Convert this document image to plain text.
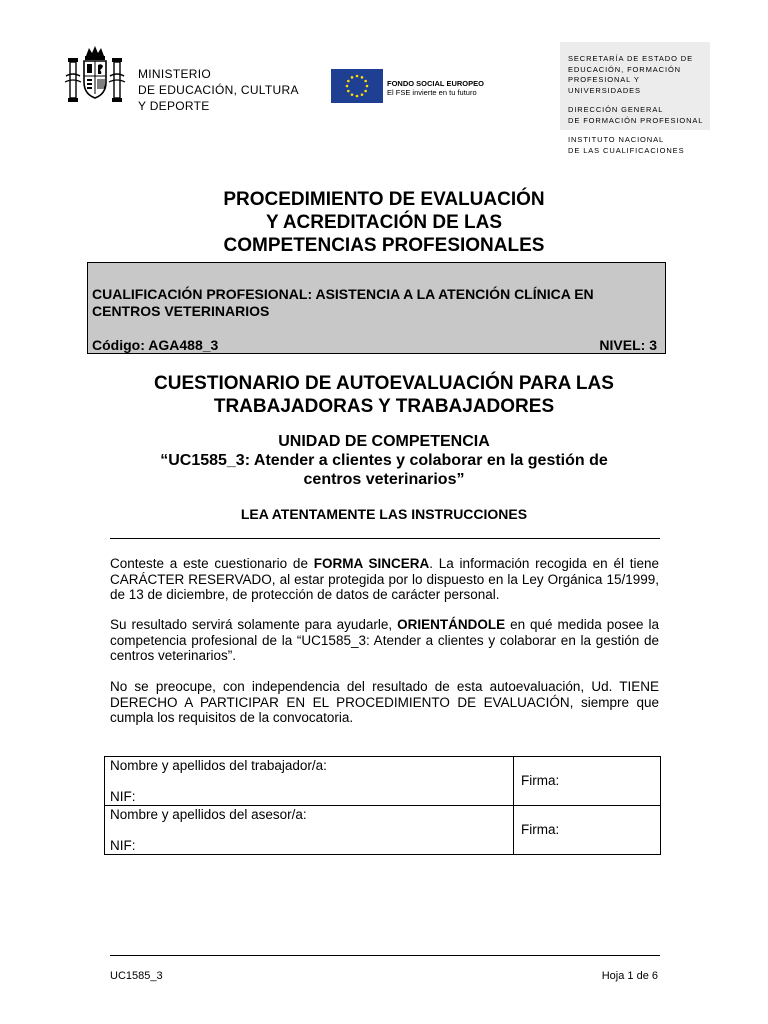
MINISTERIO
DE EDUCACIÓN, CULTURA
Y DEPORTE
FONDO SOCIAL EUROPEO
El FSE invierte en tu futuro
SECRETARÍA DE ESTADO DE
EDUCACIÓN, FORMACIÓN
PROFESIONAL Y
UNIVERSIDADES
DIRECCIÓN GENERAL
DE FORMACIÓN PROFESIONAL
INSTITUTO NACIONAL
DE LAS CUALIFICACIONES
PROCEDIMIENTO DE EVALUACIÓN
Y ACREDITACIÓN DE LAS
COMPETENCIAS PROFESIONALES
CUALIFICACIÓN PROFESIONAL: ASISTENCIA A LA ATENCIÓN CLÍNICA EN CENTROS VETERINARIOS
Código: AGA488_3	NIVEL: 3
CUESTIONARIO DE AUTOEVALUACIÓN PARA LAS
TRABAJADORAS Y TRABAJADORES
UNIDAD DE COMPETENCIA
“UC1585_3: Atender a clientes y colaborar en la gestión de
centros veterinarios”
LEA ATENTAMENTE LAS INSTRUCCIONES
Conteste a este cuestionario de FORMA SINCERA. La información recogida en él tiene CARÁCTER RESERVADO, al estar protegida por lo dispuesto en la Ley Orgánica 15/1999, de 13 de diciembre, de protección de datos de carácter personal.
Su resultado servirá solamente para ayudarle, ORIENTÁNDOLE en qué medida posee la competencia profesional de la “UC1585_3: Atender a clientes y colaborar en la gestión de centros veterinarios”.
No se preocupe, con independencia del resultado de esta autoevaluación, Ud. TIENE DERECHO A PARTICIPAR EN EL PROCEDIMIENTO DE EVALUACIÓN, siempre que cumpla los requisitos de la convocatoria.
Nombre y apellidos del trabajador/a:
NIF:	Firma:

Nombre y apellidos del asesor/a:
NIF:	Firma:
UC1585_3	Hoja 1 de 6
